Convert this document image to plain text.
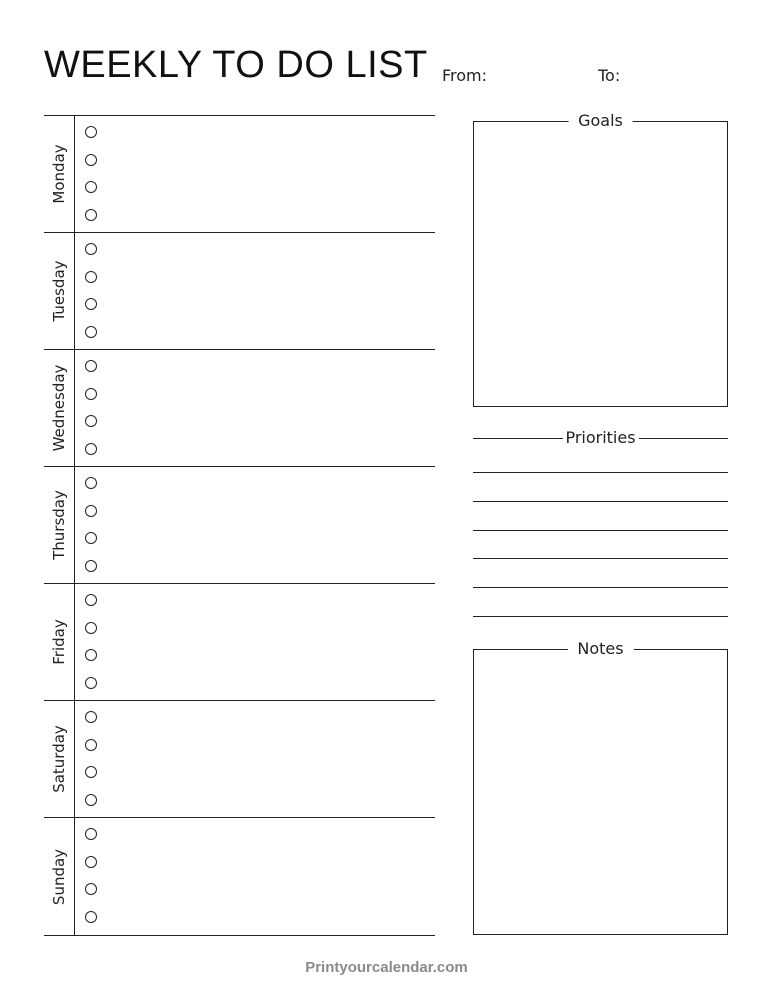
WEEKLY TO DO LIST From:	To:
Monday
Tuesday
Wednesday
Thursday
Friday
Saturday
Sunday
Goals
Priorities
Notes
Printyourcalendar.com
